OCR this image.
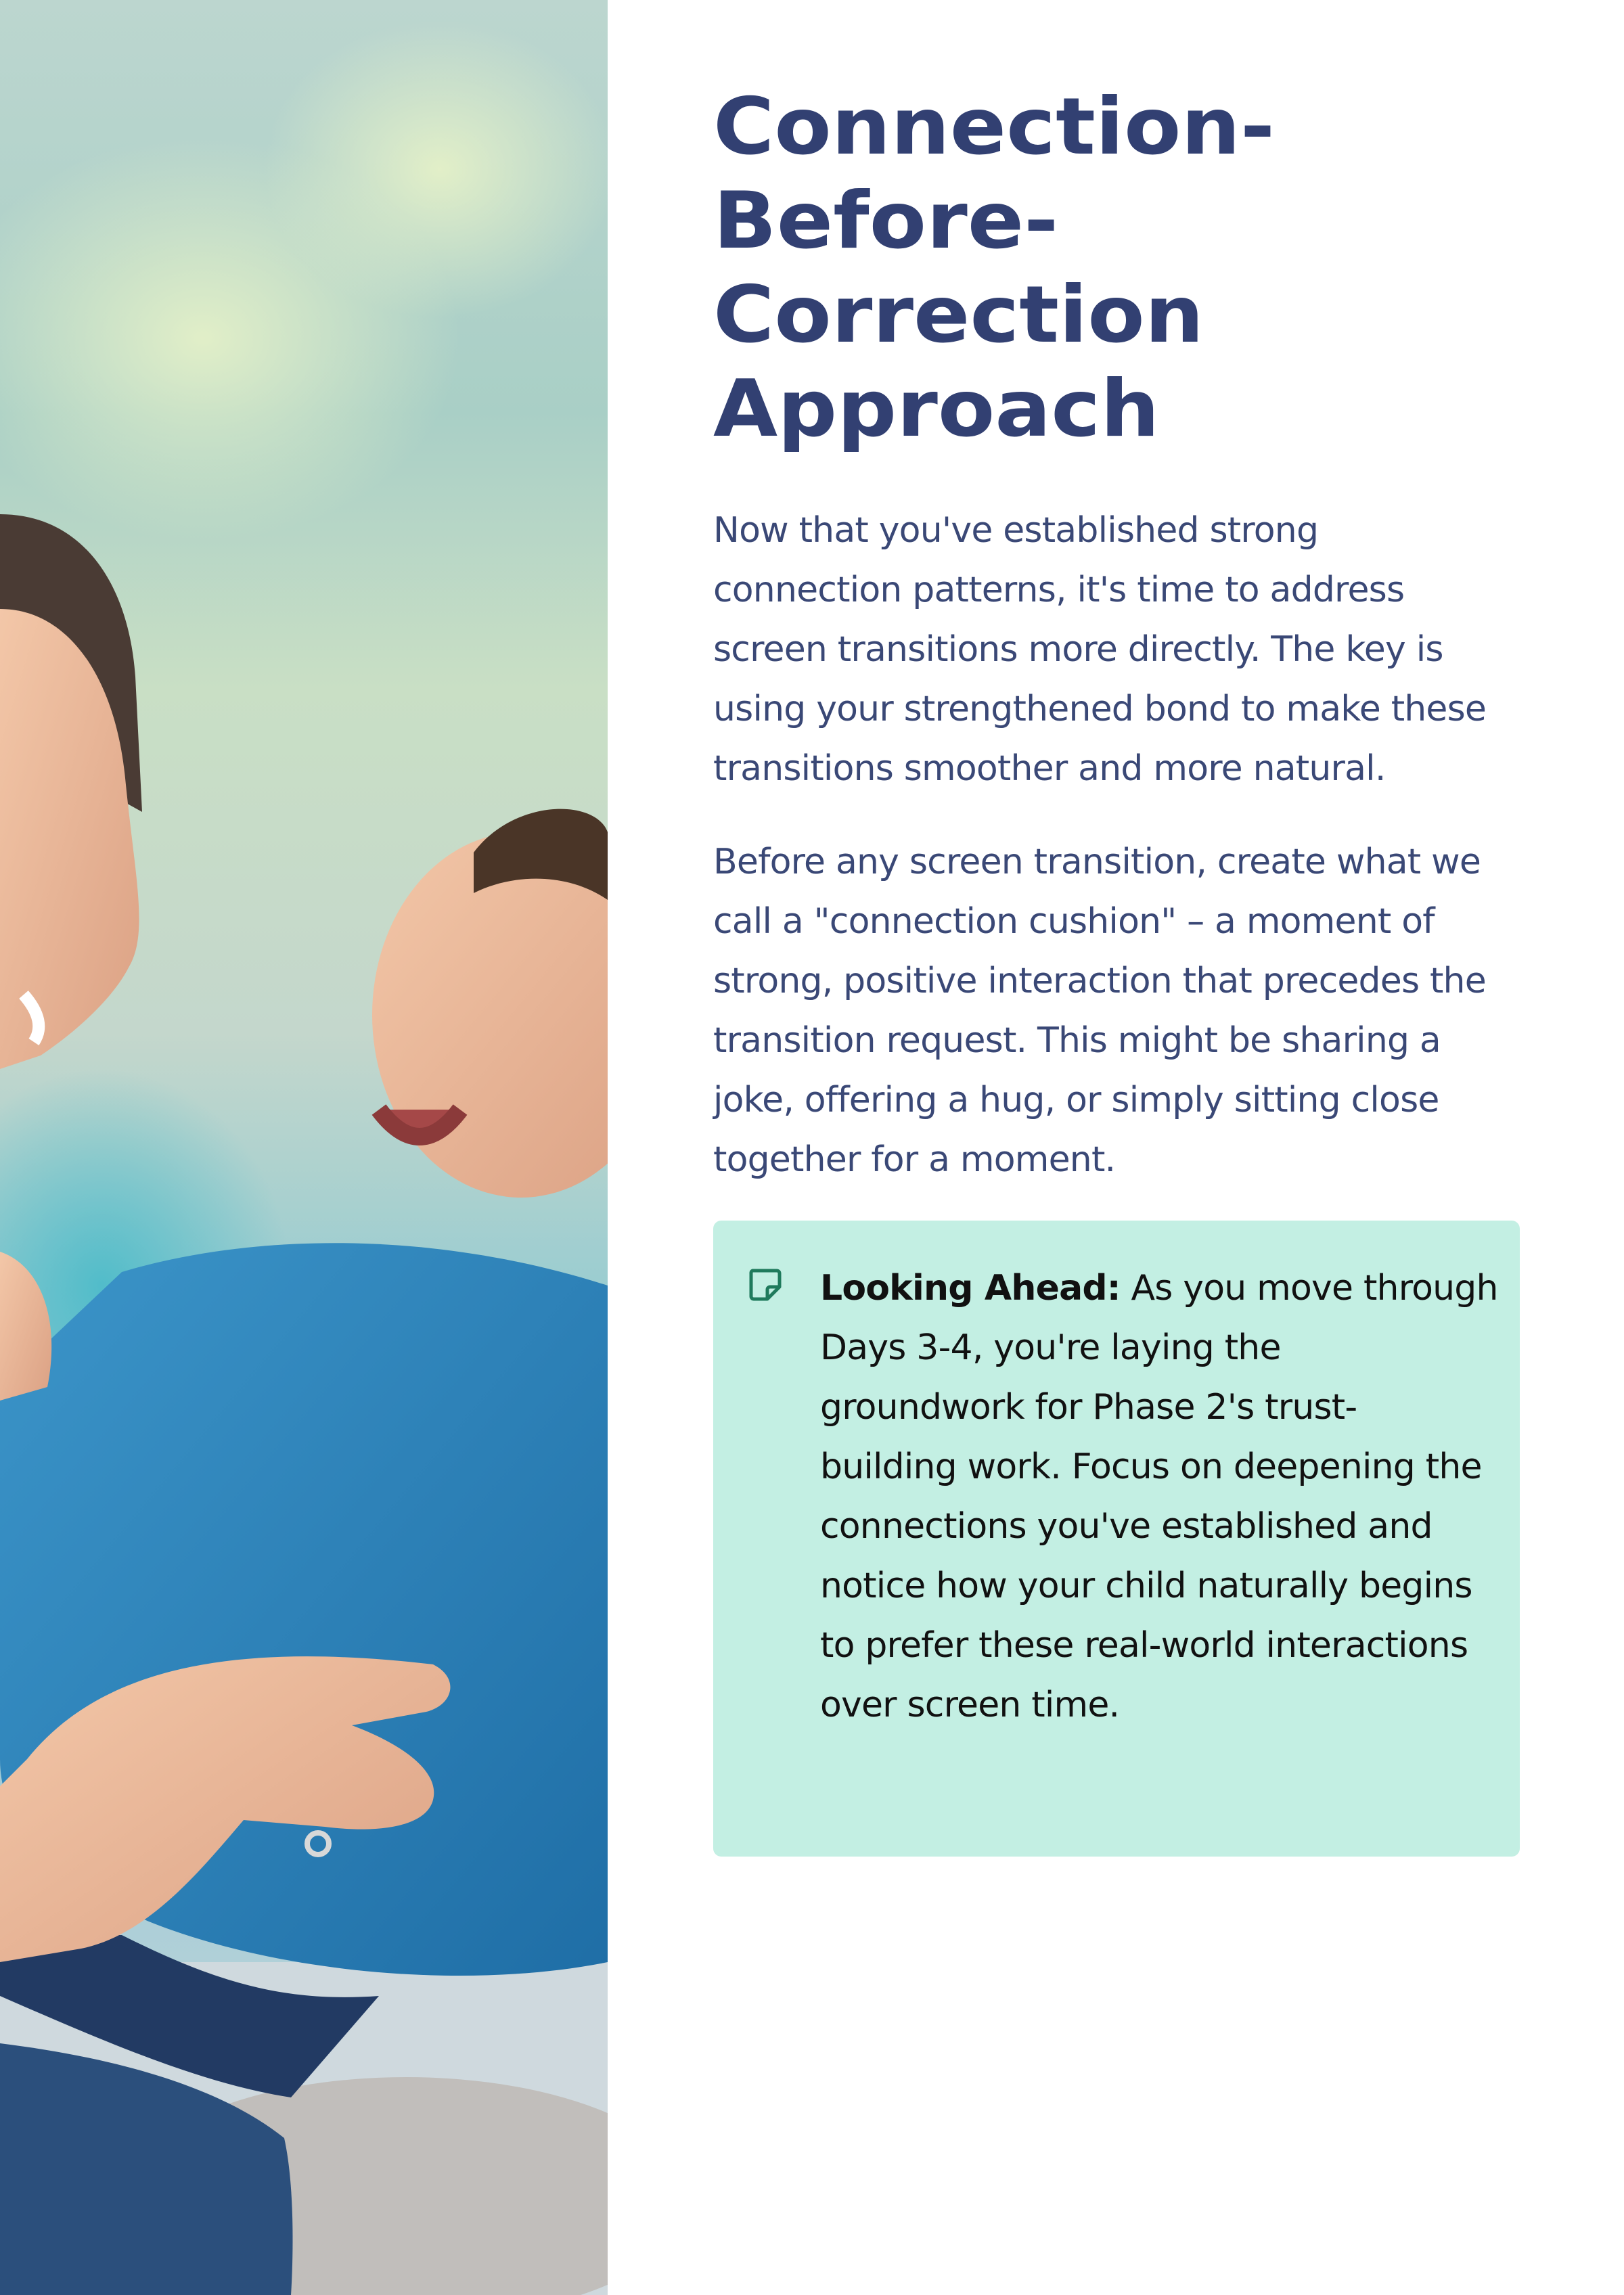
Connection-
Before-
Correction
Approach

Now that you've established strong
connection patterns, it's time to address
screen transitions more directly. The key is
using your strengthened bond to make these
transitions smoother and more natural.

Before any screen transition, create what we
call a "connection cushion" – a moment of
strong, positive interaction that precedes the
transition request. This might be sharing a
joke, offering a hug, or simply sitting close
together for a moment.

Looking Ahead: As you move through
Days 3-4, you're laying the
groundwork for Phase 2's trust-
building work. Focus on deepening the
connections you've established and
notice how your child naturally begins
to prefer these real-world interactions
over screen time.
